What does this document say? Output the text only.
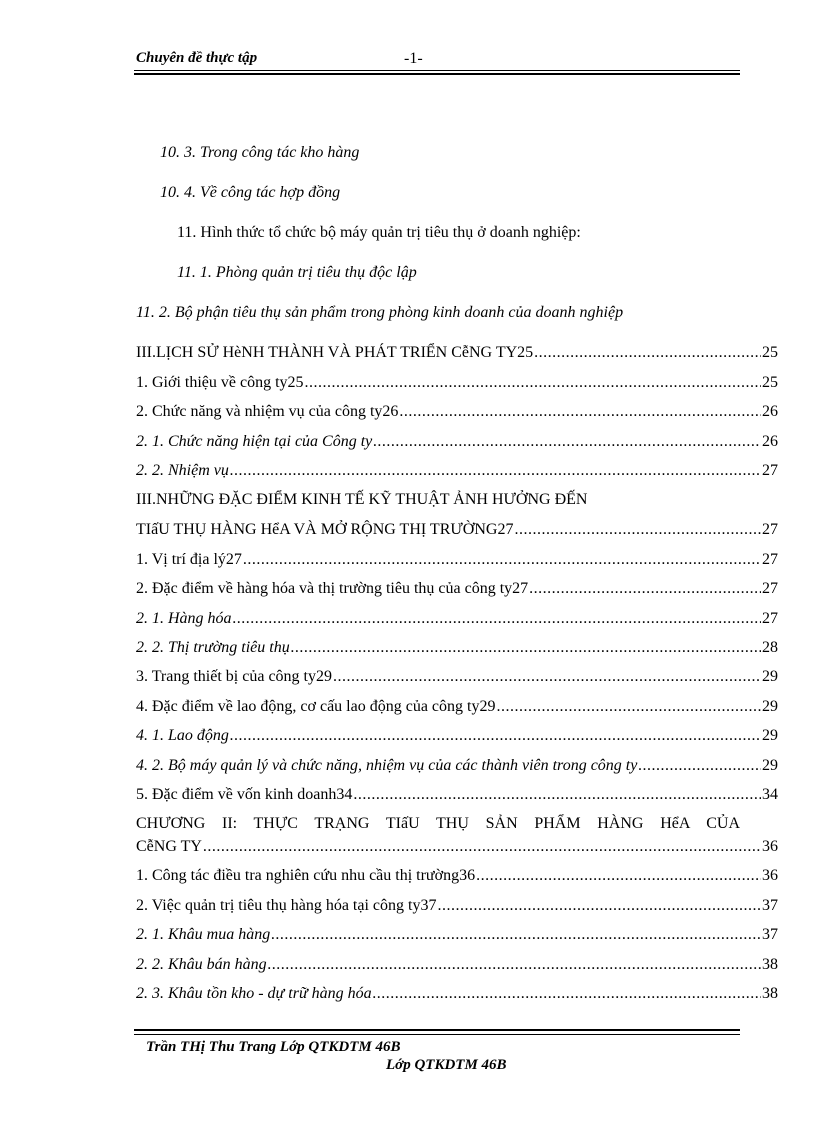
Chuyên đề thực tập	-1-
10. 3. Trong công tác kho hàng
10. 4. Về công tác hợp đồng
11. Hình thức tổ chức bộ máy quản trị tiêu thụ ở doanh nghiệp:
11. 1. Phòng quản trị tiêu thụ độc lập
11. 2. Bộ phận tiêu thụ sản phẩm trong phòng kinh doanh của doanh nghiệp
III.LỊCH SỬ HèNH THÀNH VÀ PHÁT TRIỂN CễNG TY25 .....	25
1. Giới thiệu về công ty25 .....	25
2. Chức năng và nhiệm vụ của công ty26 .....	26
2. 1. Chức năng hiện tại của Công ty .....	26
2. 2. Nhiệm vụ .....	27
III.NHỮNG ĐẶC ĐIỂM KINH TẾ KỸ THUẬT ẢNH HƯỞNG ĐẾN
TIấU THỤ HÀNG HểA VÀ MỞ RỘNG THỊ TRƯỜNG27 .....	27
1. Vị trí địa lý27 .....	27
2. Đặc điểm về hàng hóa và thị trường tiêu thụ của công ty27 .....	27
2. 1. Hàng hóa .....	27
2. 2. Thị trường tiêu thụ .....	28
3. Trang thiết bị của công ty29 .....	29
4. Đặc điểm về lao động, cơ cấu lao động của công ty29 .....	29
4. 1. Lao động .....	29
4. 2. Bộ máy quản lý và chức năng, nhiệm vụ của các thành viên trong công ty .....	29
5. Đặc điểm về vốn kinh doanh34 .....	34
CHƯƠNG II: THỰC TRẠNG TIấU THỤ SẢN PHẨM HÀNG HểA CỦA
CễNG TY .....	36
1. Công tác điều tra nghiên cứu nhu cầu thị trường36 .....	36
2. Việc quản trị tiêu thụ hàng hóa tại công ty37 .....	37
2. 1. Khâu mua hàng .....	37
2. 2. Khâu bán hàng .....	38
2. 3. Khâu tồn kho - dự trữ hàng hóa .....	38
Trần THị Thu Trang Lớp QTKDTM 46B
Lớp QTKDTM 46B
